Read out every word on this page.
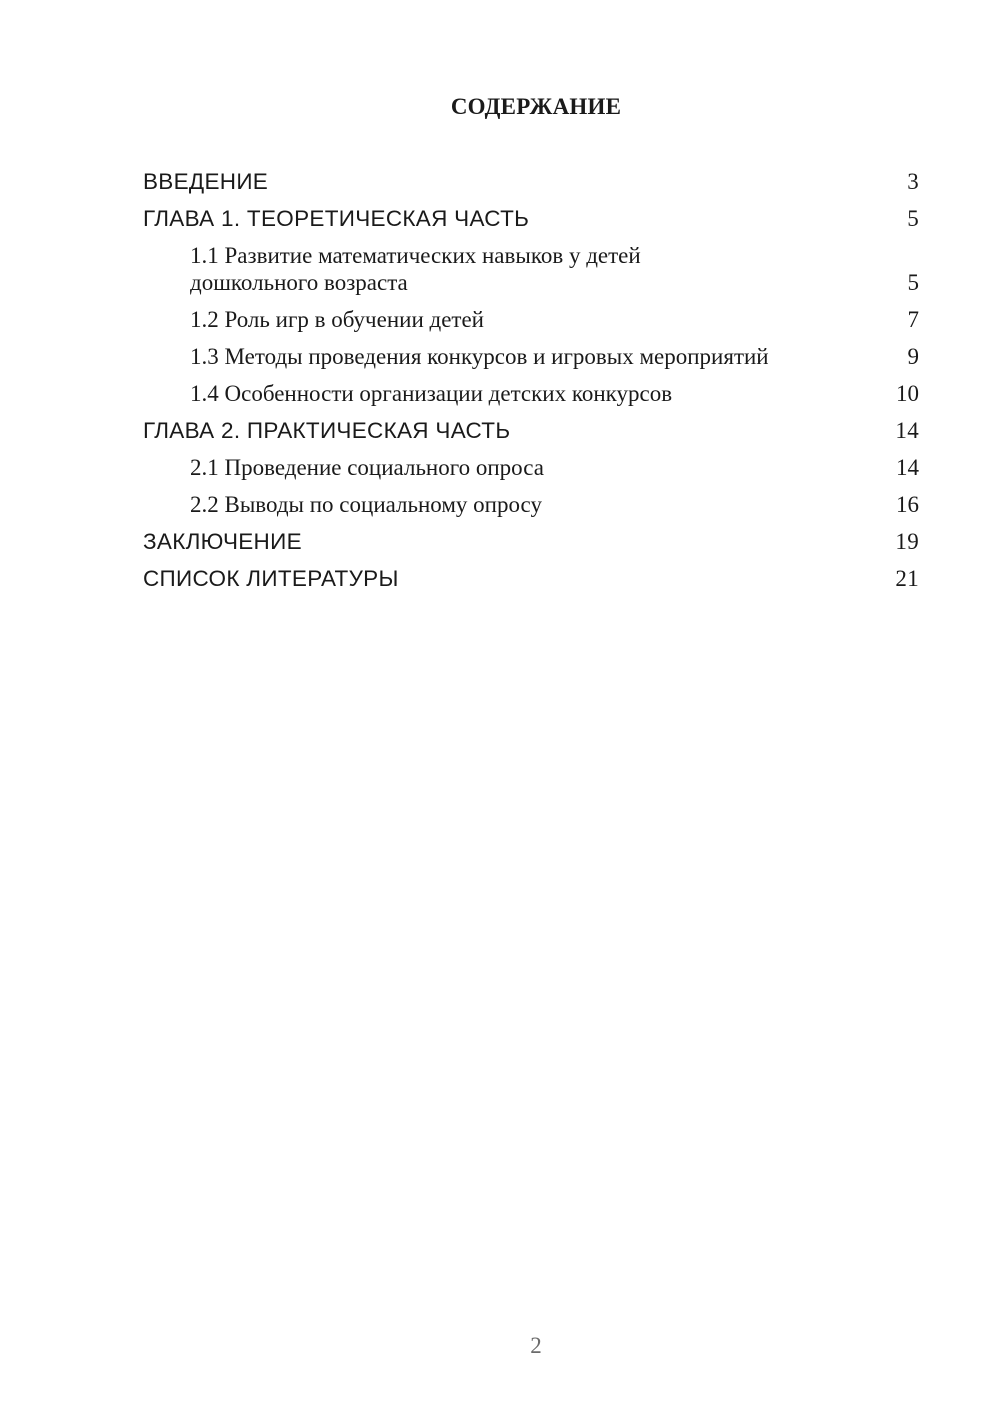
СОДЕРЖАНИЕ
ВВЕДЕНИЕ	3
ГЛАВА 1. ТЕОРЕТИЧЕСКАЯ ЧАСТЬ	5
1.1 Развитие математических навыков у детей
дошкольного возраста	5
1.2 Роль игр в обучении детей	7
1.3 Методы проведения конкурсов и игровых мероприятий	9
1.4 Особенности организации детских конкурсов	10
ГЛАВА 2. ПРАКТИЧЕСКАЯ ЧАСТЬ	14
2.1 Проведение социального опроса	14
2.2 Выводы по социальному опросу	16
ЗАКЛЮЧЕНИЕ	19
СПИСОК ЛИТЕРАТУРЫ	21
2
